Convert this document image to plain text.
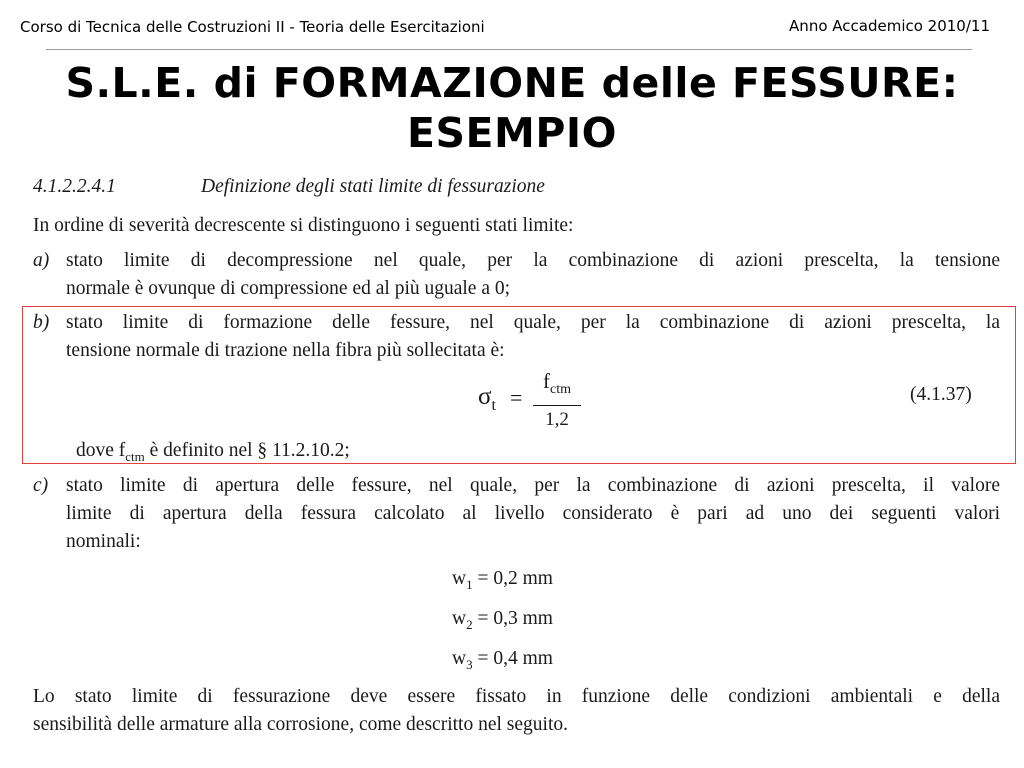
Corso di Tecnica delle Costruzioni II - Teoria delle Esercitazioni	Anno Accademico 2010/11
S.L.E. di FORMAZIONE delle FESSURE:
ESEMPIO
4.1.2.2.4.1	Definizione degli stati limite di fessurazione
In ordine di severità decrescente si distinguono i seguenti stati limite:
a) stato limite di decompressione nel quale, per la combinazione di azioni prescelta, la tensione
normale è ovunque di compressione ed al più uguale a 0;
b) stato limite di formazione delle fessure, nel quale, per la combinazione di azioni prescelta, la
tensione normale di trazione nella fibra più sollecitata è:
$\sigma_t$ =
$f_{ctm}$
1,2
(4.1.37)
dove $f_{ctm}$ è definito nel § 11.2.10.2;
c) stato limite di apertura delle fessure, nel quale, per la combinazione di azioni prescelta, il valore
limite di apertura della fessura calcolato al livello considerato è pari ad uno dei seguenti valori
nominali:
$w_1 = 0,2$ mm
$w_2 = 0,3$ mm
$w_3 = 0,4$ mm
Lo stato limite di fessurazione deve essere fissato in funzione delle condizioni ambientali e della
sensibilità delle armature alla corrosione, come descritto nel seguito.
